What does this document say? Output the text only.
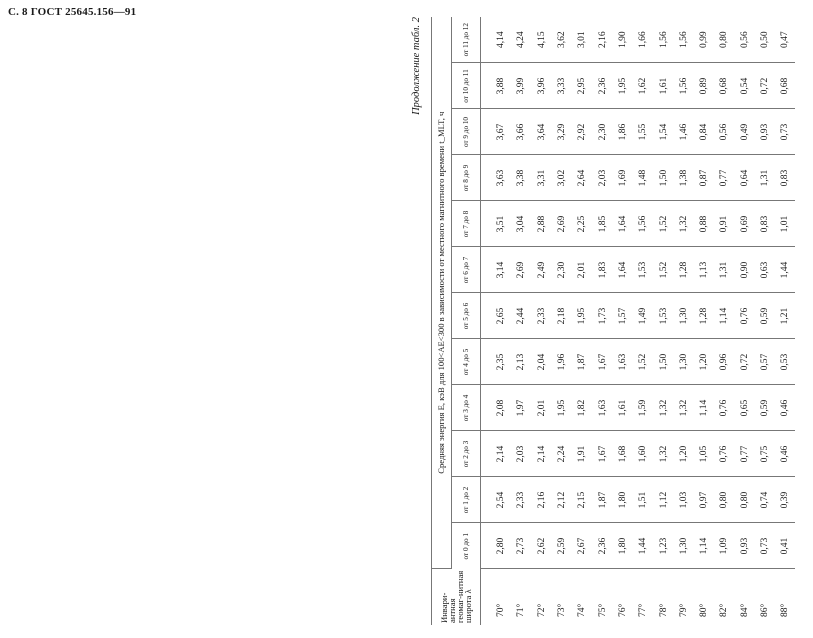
С. 8 ГОСТ 25645.156—91
Продолжение табл. 2
Инвари-антная геомаг-нитная широта λ	Средняя энергия E, кэВ для 100<AE<300 в зависимости от местного магнитного времени t_MLT, ч											
	от 0 до 1	от 1 до 2	от 2 до 3	от 3 до 4	от 4 до 5	от 5 до 6	от 6 до 7	от 7 до 8	от 8 до 9	от 9 до 10	от 10 до 11	от 11 до 12
70°	2,80	2,54	2,14	2,08	2,35	2,65	3,14	3,51	3,63	3,67	3,88	4,14
71°	2,73	2,33	2,03	1,97	2,13	2,44	2,69	3,04	3,38	3,66	3,99	4,24
72°	2,62	2,16	2,14	2,01	2,04	2,33	2,49	2,88	3,31	3,64	3,96	4,15
73°	2,59	2,12	2,24	1,95	1,96	2,18	2,30	2,69	3,02	3,29	3,33	3,62
74°	2,67	2,15	1,91	1,82	1,87	1,95	2,01	2,25	2,64	2,92	2,95	3,01
75°	2,36	1,87	1,67	1,63	1,67	1,73	1,83	1,85	2,03	2,30	2,36	2,16
76°	1,80	1,80	1,68	1,61	1,63	1,57	1,64	1,64	1,69	1,86	1,95	1,90
77°	1,44	1,51	1,60	1,59	1,52	1,49	1,53	1,56	1,48	1,55	1,62	1,66
78°	1,23	1,12	1,32	1,32	1,50	1,53	1,52	1,52	1,50	1,54	1,61	1,56
79°	1,30	1,03	1,20	1,32	1,30	1,30	1,28	1,32	1,38	1,46	1,56	1,56
80°	1,14	0,97	1,05	1,14	1,20	1,28	1,13	0,88	0,87	0,84	0,89	0,99
82°	1,09	0,80	0,76	0,76	0,96	1,14	1,31	0,91	0,77	0,56	0,68	0,80
84°	0,93	0,80	0,77	0,65	0,72	0,76	0,90	0,69	0,64	0,49	0,54	0,56
86°	0,73	0,74	0,75	0,59	0,57	0,59	0,63	0,83	1,31	0,93	0,72	0,50
88°	0,41	0,39	0,46	0,46	0,53	1,21	1,44	1,01	0,83	0,73	0,68	0,47
